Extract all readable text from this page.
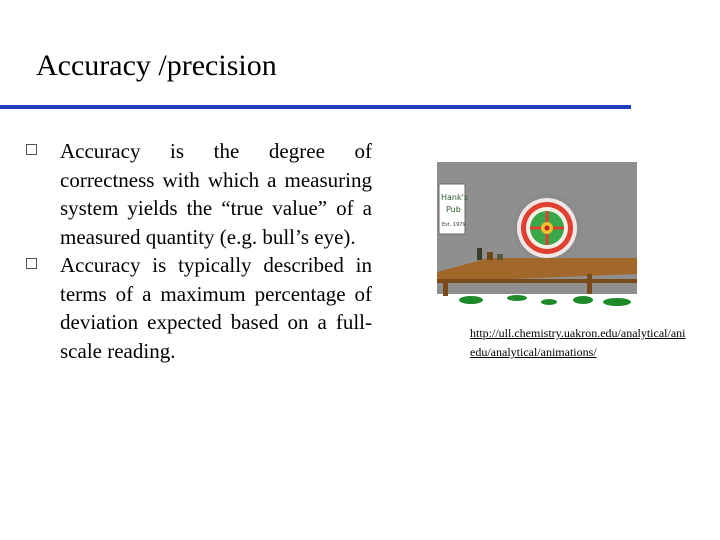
Accuracy /precision
Accuracy is the degree of correctness with which a measuring system yields the “true value” of a measured quantity (e.g. bull’s eye).
Accuracy is typically described in terms of a maximum percentage of deviation expected based on a full-scale reading.
Hank's
Pub
Est. 1979
http://ull.chemistry.uakron.edu/analytical/ani
edu/analytical/animations/
